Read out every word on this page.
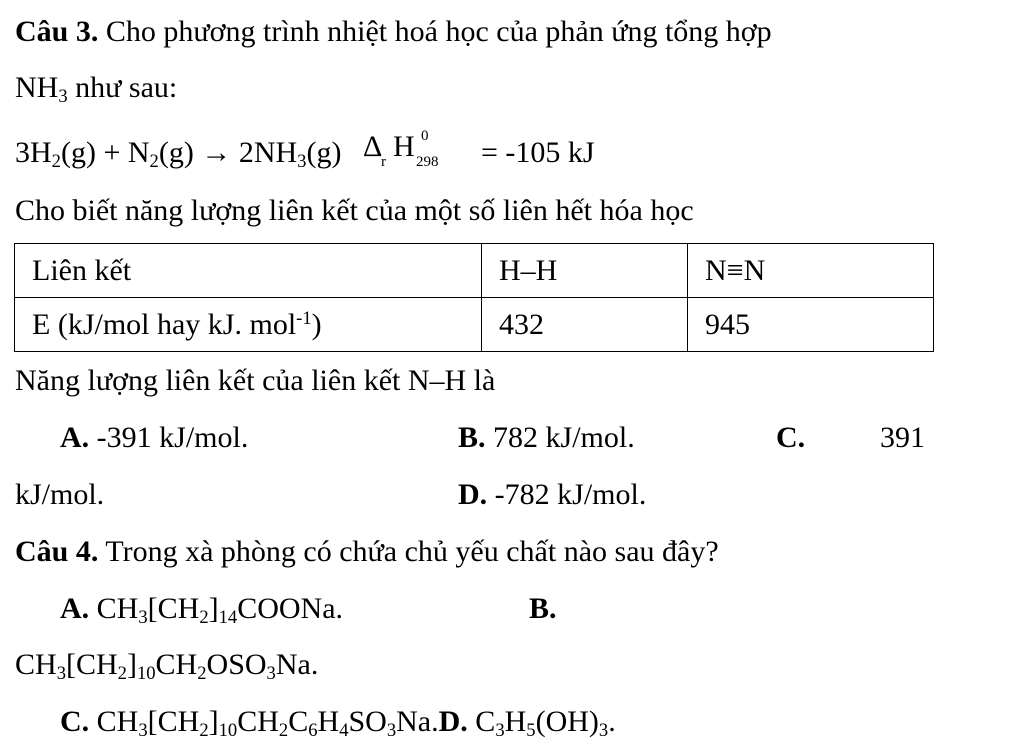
Câu 3. Cho phương trình nhiệt hoá học của phản ứng tổng hợp
$NH_3$ như sau:
$3H_2(g) + N_2(g) \to 2NH_3(g)$ Δ
r H 0
298 = -105 kJ
Cho biết năng lượng liên kết của một số liên hết hóa học
Liên kết	H–H	N≡N
E (kJ/mol hay kJ. mol$^{-1}$)	432	945
Năng lượng liên kết của liên kết N–H là
A. -391 kJ/mol.	B. 782 kJ/mol.	C. 391
kJ/mol.	D. -782 kJ/mol.
Câu 4. Trong xà phòng có chứa chủ yếu chất nào sau đây?
A. $CH_3[CH_2]_{14}COONa$.	B.
$CH_3[CH_2]_{10}CH_2OSO_3Na$.
C. $CH_3[CH_2]_{10}CH_2C_6H_4SO_3Na.D$. $C_3H_5(OH)_3$.
